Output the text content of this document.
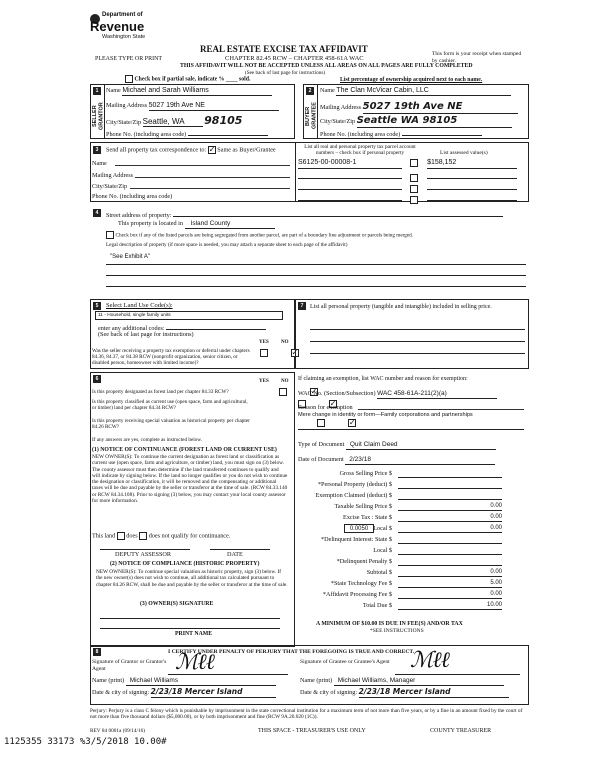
Department of
Revenue
Washington State
PLEASE TYPE OR PRINT
REAL ESTATE EXCISE TAX AFFIDAVIT
CHAPTER 82.45 RCW – CHAPTER 458-61A WAC
THIS AFFIDAVIT WILL NOT BE ACCEPTED UNLESS ALL AREAS ON ALL PAGES ARE FULLY COMPLETED
(See back of last page for instructions)
This form is your receipt when stamped by cashier.
Check box if partial sale, indicate % ____ sold.	List percentage of ownership acquired next to each name.
1
SELLER GRANTOR
Name Michael and Sarah Williams
Mailing Address 5027 19th Ave NE
City/State/Zip Seattle, WA 98105
Phone No. (including area code)
2
BUYER GRANTEE
Name The Clan McVicar Cabin, LLC
Mailing Address 5027 19th Ave NE
City/State/Zip Seattle WA 98105
Phone No. (including area code)
3	Send all property tax correspondence to: ✓ Same as Buyer/Grantee
Name
Mailing Address
City/State/Zip
Phone No. (including area code)
List all real and personal property tax parcel account numbers – check box if personal property	List assessed value(s)
S6125-00-00008-1	$158,152

4	Street address of property:
This property is located in Island County
Check box if any of the listed parcels are being segregated from another parcel, are part of a boundary line adjustment or parcels being merged.
Legal description of property (if more space is needed, you may attach a separate sheet to each page of the affidavit)
"See Exhibit A"
5	Select Land Use Code(s):
11 - Household, single family units
enter any additional codes:
(See back of last page for instructions)
YES NO
Was the seller receiving a property tax exemption or deferral under chapters 84.36, 84.37, or 84.38 RCW (nonprofit organization, senior citizen, or disabled person, homeowner with limited income)?
✓
6	YES NO
Is this property designated as forest land per chapter 84.33 RCW?
✓
Is this property classified as current use (open space, farm and agricultural, or timber) land per chapter 84.34 RCW?
✓
Is this property receiving special valuation as historical property per chapter 84.26 RCW?
✓
If any answers are yes, complete as instructed below.
(1) NOTICE OF CONTINUANCE (FOREST LAND OR CURRENT USE)
NEW OWNER(S): To continue the current designation as forest land or classification as current use (open space, farm and agriculture, or timber) land, you must sign on (3) below. The county assessor must then determine if the land transferred continues to qualify and will indicate by signing below. If the land no longer qualifies or you do not wish to continue the designation or classification, it will be removed and the compensating or additional taxes will be due and payable by the seller or transferor at the time of sale. (RCW 84.33.140 or RCW 84.34.108). Prior to signing (3) below, you may contact your local county assessor for more information.
This land does does not qualify for continuance.
DEPUTY ASSESSOR	DATE
(2) NOTICE OF COMPLIANCE (HISTORIC PROPERTY)
NEW OWNER(S): To continue special valuation as historic property, sign (3) below. If the new owner(s) does not wish to continue, all additional tax calculated pursuant to chapter 84.26 RCW, shall be due and payable by the seller or transferor at the time of sale.
(3) OWNER(S) SIGNATURE
PRINT NAME
7	List all personal property (tangible and intangible) included in selling price.
If claiming an exemption, list WAC number and reason for exemption:
WAC No. (Section/Subsection) WAC 458-61A-211(2)(a)
Reason for exemption
Mere change in identity or form—Family corporations and partnerships
Type of Document Quit Claim Deed
Date of Document 2/23/18
Gross Selling Price $
*Personal Property (deduct) $
Exemption Claimed (deduct) $
Taxable Selling Price $	0.00
Excise Tax : State $	0.00
0.0050 Local $	0.00
*Delinquent Interest: State $
Local $
*Delinquent Penalty $
Subtotal $	0.00
*State Technology Fee $	5.00
*Affidavit Processing Fee $	0.00
Total Due $	10.00
A MINIMUM OF $10.00 IS DUE IN FEE(S) AND/OR TAX
*SEE INSTRUCTIONS
8	I CERTIFY UNDER PENALTY OF PERJURY THAT THE FOREGOING IS TRUE AND CORRECT.
Signature of Grantor or Grantor's Agent	ℳℓℓ
Name (print) Michael Williams
Date & city of signing: 2/23/18 Mercer Island
Signature of Grantee or Grantee's Agent ℳℓℓ
Name (print) Michael Williams, Manager
Date & city of signing: 2/23/18 Mercer Island
Perjury: Perjury is a class C felony which is punishable by imprisonment in the state correctional institution for a maximum term of not more than five years, or by a fine in an amount fixed by the court of not more than five thousand dollars ($5,000.00), or by both imprisonment and fine (RCW 9A.20.020 (1C)).
REV 84 0001a (09/14/16)	THIS SPACE - TREASURER'S USE ONLY	COUNTY TREASURER
1125355 33173 %3/5/2018 10.00#
